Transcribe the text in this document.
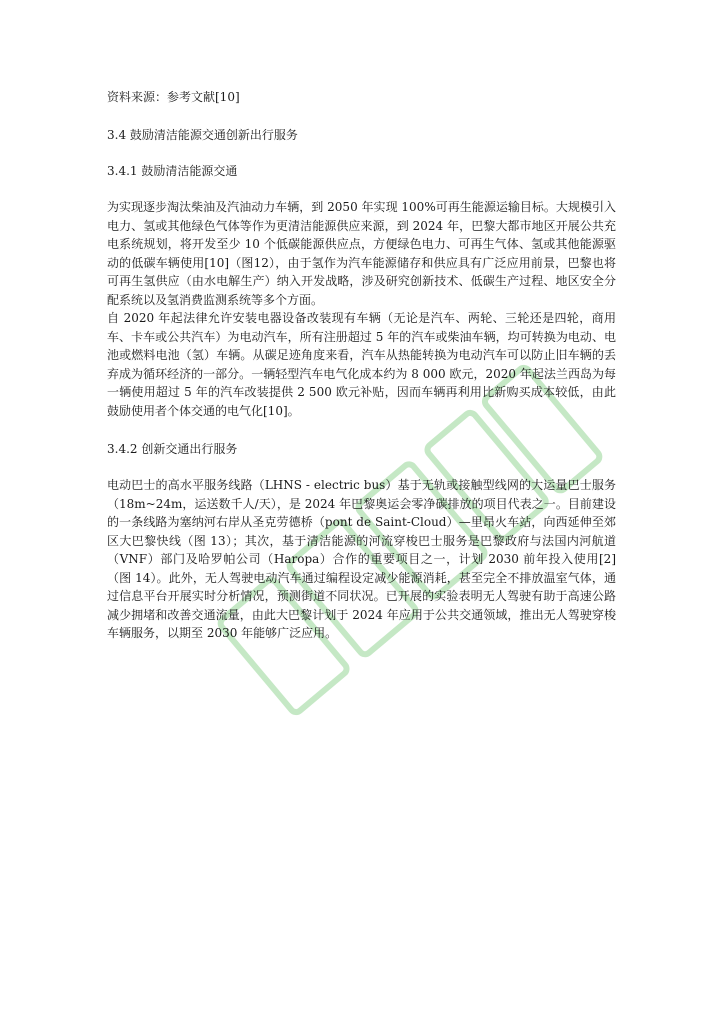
资料来源：参考文献[10]

3.4 鼓励清洁能源交通创新出行服务

3.4.1 鼓励清洁能源交通

为实现逐步淘汰柴油及汽油动力车辆，到 2050 年实现 100%可再生能源运输目标。大规模引入电力、氢或其他绿色气体等作为更清洁能源供应来源，到 2024 年，巴黎大都市地区开展公共充电系统规划，将开发至少 10 个低碳能源供应点，方便绿色电力、可再生气体、氢或其他能源驱动的低碳车辆使用[10]（图12），由于氢作为汽车能源储存和供应具有广泛应用前景，巴黎也将可再生氢供应（由水电解生产）纳入开发战略，涉及研究创新技术、低碳生产过程、地区安全分配系统以及氢消费监测系统等多个方面。

自 2020 年起法律允许安装电器设备改装现有车辆（无论是汽车、两轮、三轮还是四轮，商用车、卡车或公共汽车）为电动汽车，所有注册超过 5 年的汽车或柴油车辆，均可转换为电动、电池或燃料电池（氢）车辆。从碳足迹角度来看，汽车从热能转换为电动汽车可以防止旧车辆的丢弃成为循环经济的一部分。一辆轻型汽车电气化成本约为 8 000 欧元，2020 年起法兰西岛为每一辆使用超过 5 年的汽车改装提供 2 500 欧元补贴，因而车辆再利用比新购买成本较低，由此鼓励使用者个体交通的电气化[10]。

3.4.2 创新交通出行服务

电动巴士的高水平服务线路（LHNS - electric bus）基于无轨或接触型线网的大运量巴士服务（18m~24m，运送数千人/天），是 2024 年巴黎奥运会零净碳排放的项目代表之一。目前建设的一条线路为塞纳河右岸从圣克劳德桥（pont de Saint-Cloud）—里昂火车站，向西延伸至郊区大巴黎快线（图 13）；其次，基于清洁能源的河流穿梭巴士服务是巴黎政府与法国内河航道（VNF）部门及哈罗帕公司（Haropa）合作的重要项目之一，计划 2030 前年投入使用[2]（图 14）。此外，无人驾驶电动汽车通过编程设定减少能源消耗，甚至完全不排放温室气体，通过信息平台开展实时分析情况，预测街道不同状况。已开展的实验表明无人驾驶有助于高速公路减少拥堵和改善交通流量，由此大巴黎计划于 2024 年应用于公共交通领域，推出无人驾驶穿梭车辆服务，以期至 2030 年能够广泛应用。
